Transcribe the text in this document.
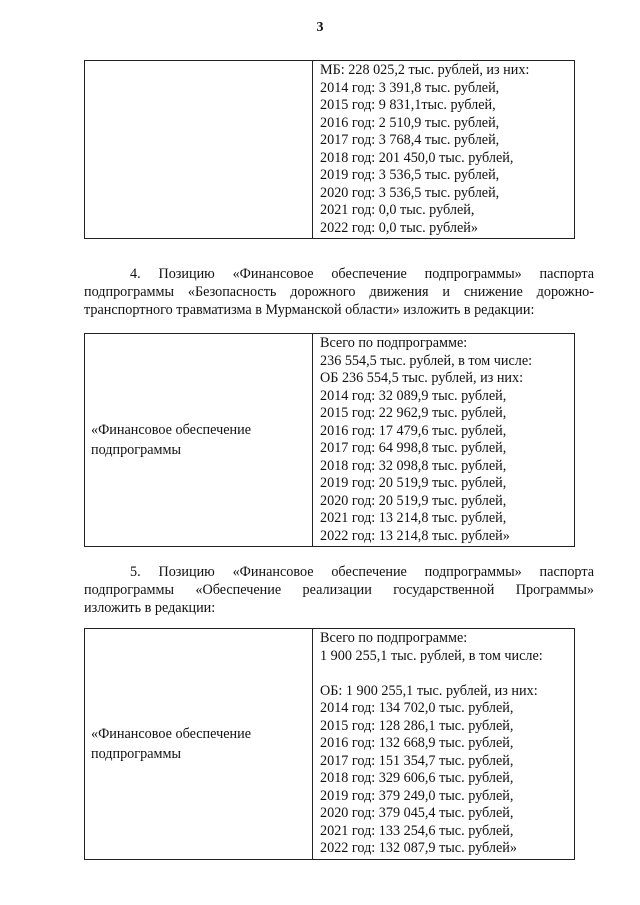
3

МБ: 228 025,2 тыс. рублей, из них:
2014 год: 3 391,8 тыс. рублей,
2015 год: 9 831,1тыс. рублей,
2016 год: 2 510,9 тыс. рублей,
2017 год: 3 768,4 тыс. рублей,
2018 год: 201 450,0 тыс. рублей,
2019 год: 3 536,5 тыс. рублей,
2020 год: 3 536,5 тыс. рублей,
2021 год: 0,0 тыс. рублей,
2022 год: 0,0 тыс. рублей»
4. Позицию «Финансовое обеспечение подпрограммы» паспорта
подпрограммы «Безопасность дорожного движения и снижение дорожно-
транспортного травматизма в Мурманской области» изложить в редакции:
«Финансовое обеспечение
подпрограммы

Всего по подпрограмме:
236 554,5 тыс. рублей, в том числе:
ОБ 236 554,5 тыс. рублей, из них:
2014 год: 32 089,9 тыс. рублей,
2015 год: 22 962,9 тыс. рублей,
2016 год: 17 479,6 тыс. рублей,
2017 год: 64 998,8 тыс. рублей,
2018 год: 32 098,8 тыс. рублей,
2019 год: 20 519,9 тыс. рублей,
2020 год: 20 519,9 тыс. рублей,
2021 год: 13 214,8 тыс. рублей,
2022 год: 13 214,8 тыс. рублей»
5. Позицию «Финансовое обеспечение подпрограммы» паспорта
подпрограммы «Обеспечение реализации государственной Программы»
изложить в редакции:
«Финансовое обеспечение
подпрограммы

Всего по подпрограмме:
1 900 255,1 тыс. рублей, в том числе:
ОБ: 1 900 255,1 тыс. рублей, из них:
2014 год: 134 702,0 тыс. рублей,
2015 год: 128 286,1 тыс. рублей,
2016 год: 132 668,9 тыс. рублей,
2017 год: 151 354,7 тыс. рублей,
2018 год: 329 606,6 тыс. рублей,
2019 год: 379 249,0 тыс. рублей,
2020 год: 379 045,4 тыс. рублей,
2021 год: 133 254,6 тыс. рублей,
2022 год: 132 087,9 тыс. рублей»
